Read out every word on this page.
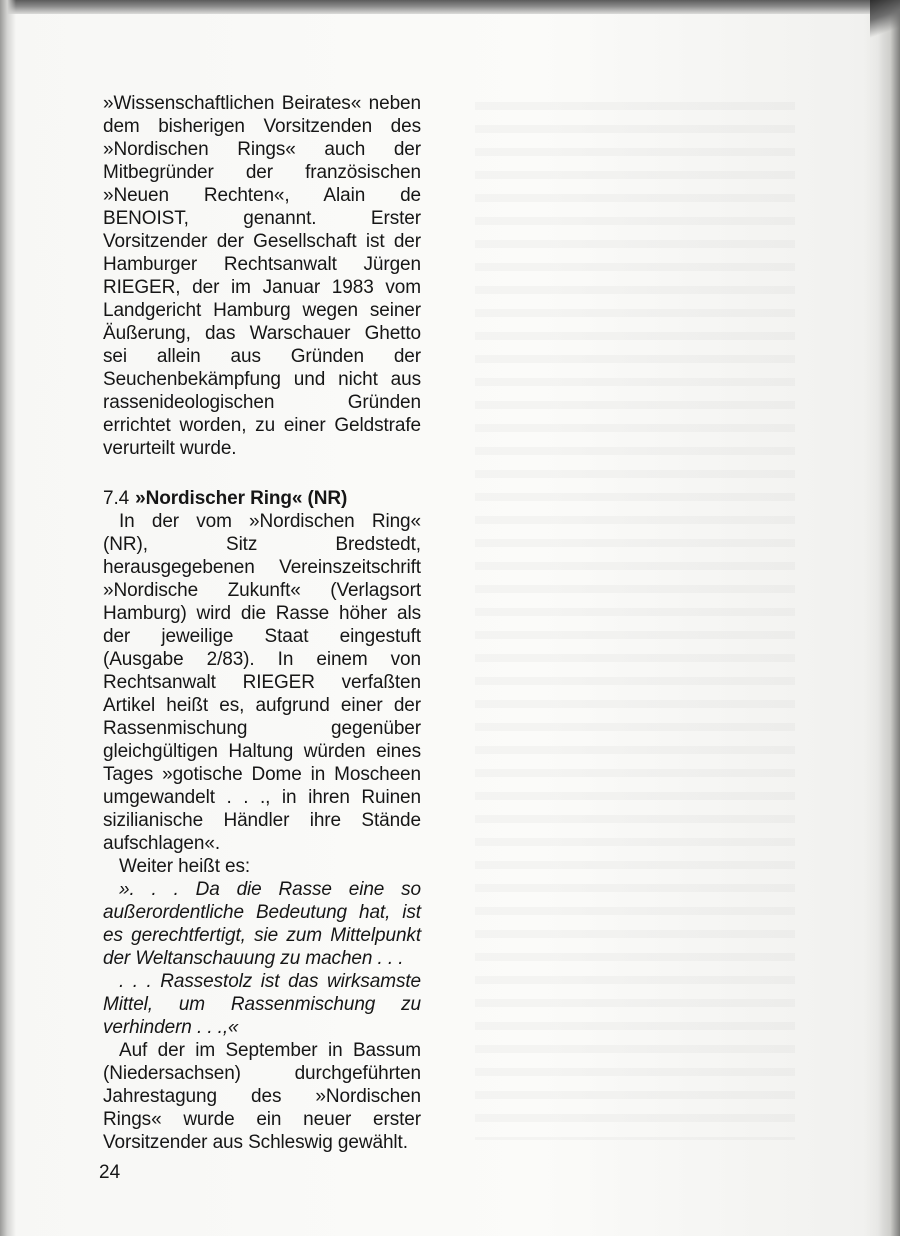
»Wissenschaftlichen Beirates« neben dem bisherigen Vorsitzenden des »Nordischen Rings« auch der Mitbegründer der französischen »Neuen Rechten«, Alain de BENOIST, genannt. Erster Vorsitzender der Gesellschaft ist der Hamburger Rechtsanwalt Jürgen RIEGER, der im Januar 1983 vom Landgericht Hamburg wegen seiner Äußerung, das Warschauer Ghetto sei allein aus Gründen der Seuchenbekämpfung und nicht aus rassenideologischen Gründen errichtet worden, zu einer Geldstrafe verurteilt wurde.

7.4 »Nordischer Ring« (NR)

In der vom »Nordischen Ring« (NR), Sitz Bredstedt, herausgegebenen Vereinszeitschrift »Nordische Zukunft« (Verlagsort Hamburg) wird die Rasse höher als der jeweilige Staat eingestuft (Ausgabe 2/83). In einem von Rechtsanwalt RIEGER verfaßten Artikel heißt es, aufgrund einer der Rassenmischung gegenüber gleichgültigen Haltung würden eines Tages »gotische Dome in Moscheen umgewandelt . . ., in ihren Ruinen sizilianische Händler ihre Stände aufschlagen«.

Weiter heißt es:

». . . Da die Rasse eine so außerordentliche Bedeutung hat, ist es gerechtfertigt, sie zum Mittelpunkt der Weltanschauung zu machen . . .

. . . Rassestolz ist das wirksamste Mittel, um Rassenmischung zu verhindern . . .,«

Auf der im September in Bassum (Niedersachsen) durchgeführten Jahrestagung des »Nordischen Rings« wurde ein neuer erster Vorsitzender aus Schleswig gewählt.

24
